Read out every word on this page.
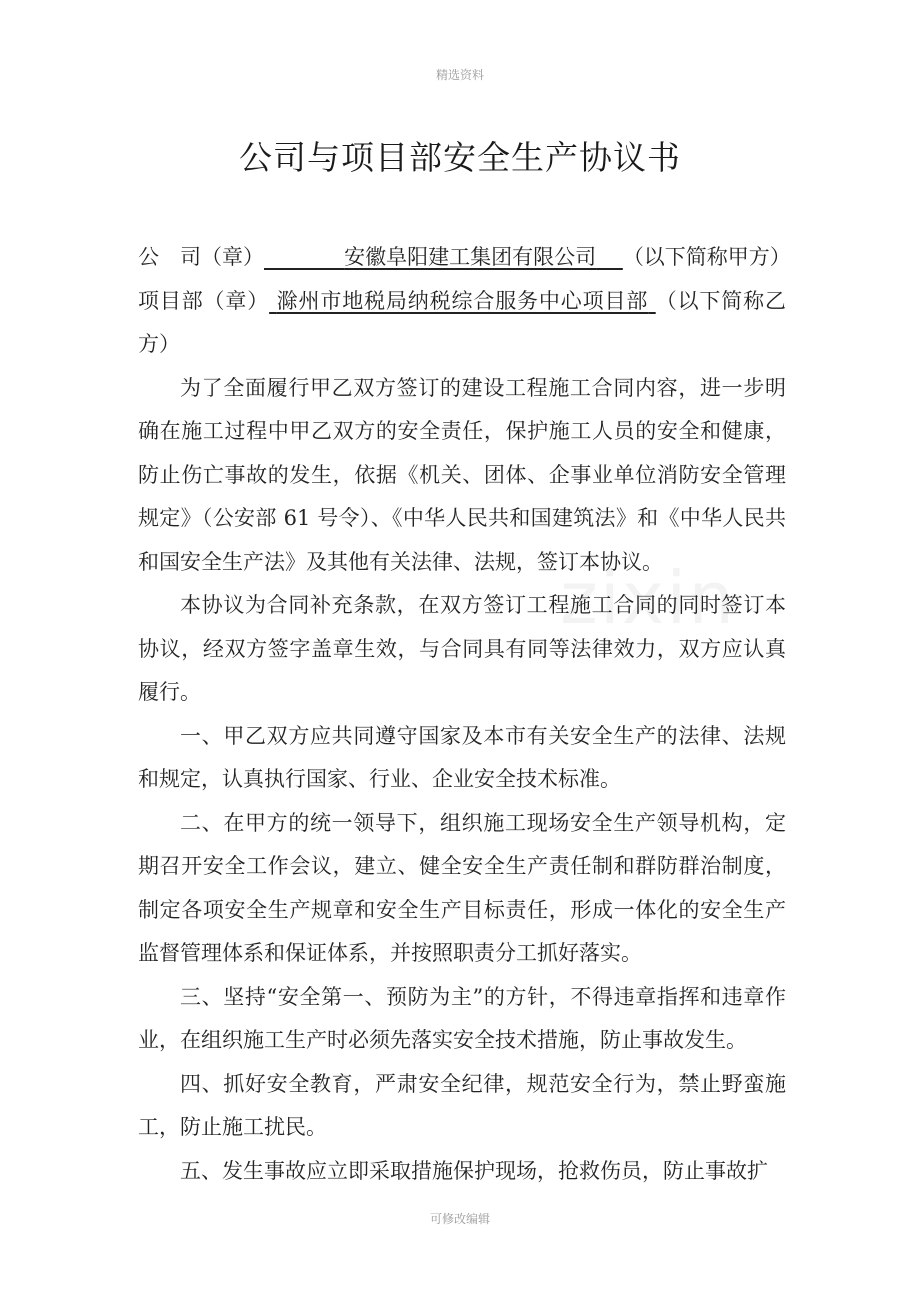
精选资料
zixin
公司与项目部安全生产协议书

公　司（章）	安徽阜阳建工集团有限公司 （以下简称甲方）

项目部（章） 滁州市地税局纳税综合服务中心项目部 （以下简称乙方）

为了全面履行甲乙双方签订的建设工程施工合同内容，进一步明确在施工过程中甲乙双方的安全责任，保护施工人员的安全和健康，防止伤亡事故的发生，依据《机关、团体、企事业单位消防安全管理规定》（公安部 61 号令）、《中华人民共和国建筑法》和《中华人民共和国安全生产法》及其他有关法律、法规，签订本协议。

本协议为合同补充条款，在双方签订工程施工合同的同时签订本协议，经双方签字盖章生效，与合同具有同等法律效力，双方应认真履行。

一、甲乙双方应共同遵守国家及本市有关安全生产的法律、法规和规定，认真执行国家、行业、企业安全技术标准。

二、在甲方的统一领导下，组织施工现场安全生产领导机构，定期召开安全工作会议，建立、健全安全生产责任制和群防群治制度，制定各项安全生产规章和安全生产目标责任，形成一体化的安全生产监督管理体系和保证体系，并按照职责分工抓好落实。

三、坚持“安全第一、预防为主”的方针，不得违章指挥和违章作业，在组织施工生产时必须先落实安全技术措施，防止事故发生。

四、抓好安全教育，严肃安全纪律，规范安全行为，禁止野蛮施工，防止施工扰民。

五、发生事故应立即采取措施保护现场，抢救伤员，防止事故扩

可修改编辑
